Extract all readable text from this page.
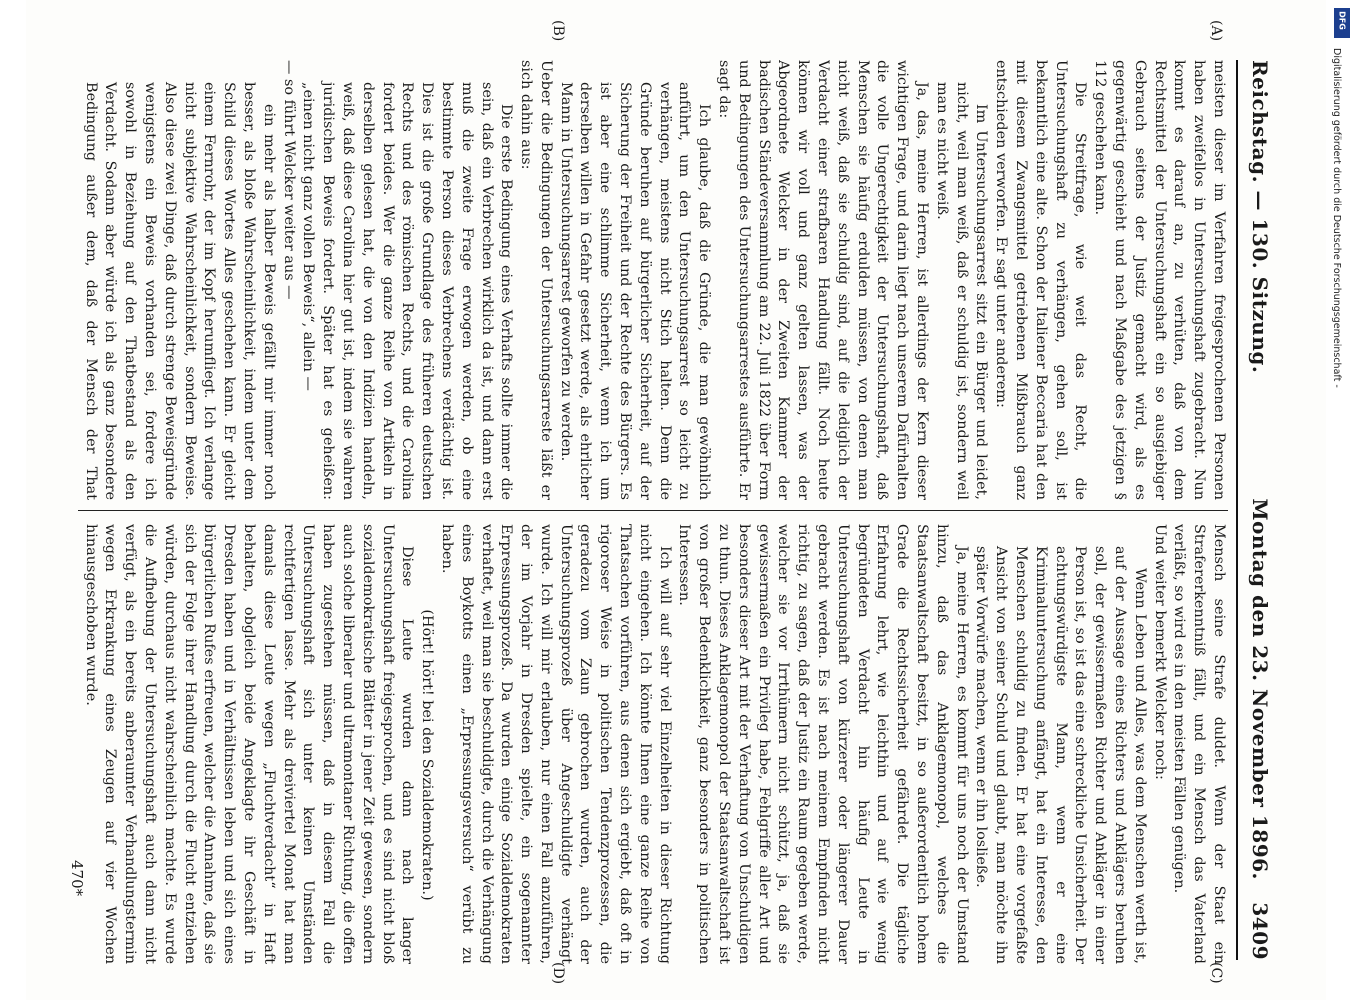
Reichstag. — 130. Sitzung.
Montag den 23. November 1896.
3409
(A)
(B)
(C)
(D)

meisten dieser im Verfahren freigesprochenen Personen haben zweifellos in Untersuchungshaft zugebracht. Nun kommt es darauf an, zu verhüten, daß von dem Rechtsmittel der Untersuchungshaft ein so ausgiebiger Gebrauch seitens der Justiz gemacht wird, als es gegenwärtig geschieht und nach Maßgabe des jetzigen § 112 geschehen kann.

Die Streitfrage, wie weit das Recht, die Untersuchungshaft zu verhängen, gehen soll, ist bekanntlich eine alte. Schon der Italiener Beccaria hat den mit diesem Zwangsmittel getriebenen Mißbrauch ganz entschieden verworfen. Er sagt unter anderem:

Im Untersuchungsarrest sitzt ein Bürger und leidet, nicht, weil man weiß, daß er schuldig ist, sondern weil man es nicht weiß.

Ja, das, meine Herren, ist allerdings der Kern dieser wichtigen Frage, und darin liegt nach unserem Dafürhalten die volle Ungerechtigkeit der Untersuchungshaft, daß Menschen sie häufig erdulden müssen, von denen man nicht weiß, daß sie schuldig sind, auf die lediglich der Verdacht einer strafbaren Handlung fällt. Noch heute können wir voll und ganz gelten lassen, was der Abgeordnete Welcker in der Zweiten Kammer der badischen Ständeversammlung am 22. Juli 1822 über Form und Bedingungen des Untersuchungsarrestes ausführte. Er sagt da:

Ich glaube, daß die Gründe, die man gewöhnlich anführt, um den Untersuchungsarrest so leicht zu verhängen, meistens nicht Stich halten. Denn die Gründe beruhen auf bürgerlicher Sicherheit, auf der Sicherung der Freiheit und der Rechte des Bürgers. Es ist aber eine schlimme Sicherheit, wenn ich um derselben willen in Gefahr gesetzt werde, als ehrlicher Mann in Untersuchungsarrest geworfen zu werden.

Ueber die Bedingungen der Untersuchungsarreste läßt er sich dahin aus:

Die erste Bedingung eines Verhafts sollte immer die sein, daß ein Verbrechen wirklich da ist, und dann erst muß die zweite Frage erwogen werden, ob eine bestimmte Person dieses Verbrechens verdächtig ist. Dies ist die große Grundlage des früheren deutschen Rechts und des römischen Rechts, und die Carolina fordert beides. Wer die ganze Reihe von Artikeln in derselben gelesen hat, die von den Indizien handeln, weiß, daß diese Carolina hier gut ist, indem sie wahren juridischen Beweis fordert. Später hat es geheißen: „einen nicht ganz vollen Beweis“, allein —

— so führt Welcker weiter aus —

ein mehr als halber Beweis gefällt mir immer noch besser, als bloße Wahrscheinlichkeit, indem unter dem Schild dieses Wortes Alles geschehen kann. Er gleicht einem Fernrohr, der im Kopf herumfliegt. Ich verlange nicht subjektive Wahrscheinlichkeit, sondern Beweise. Also diese zwei Dinge, daß durch strenge Beweisgründe wenigstens ein Beweis vorhanden sei, fordere ich sowohl in Beziehung auf den Thatbestand als den Verdacht. Sodann aber würde ich als ganz besondere Bedingung außer dem, daß der Mensch der That

Mensch seine Strafe duldet. Wenn der Staat ein Strafererkenntniß fällt, und ein Mensch das Vaterland verläßt, so wird es in den meisten Fällen genügen.

Und weiter bemerkt Welcker noch:

Wenn Leben und Alles, was dem Menschen werth ist, auf der Aussage eines Richters und Anklägers beruhen soll, der gewissermaßen Richter und Ankläger in einer Person ist, so ist das eine schreckliche Unsicherheit. Der achtungswürdigste Mann, wenn er eine Kriminaluntersuchung anfängt, hat ein Interesse, den Menschen schuldig zu finden. Er hat eine vorgefaßte Ansicht von seiner Schuld und glaubt, man möchte ihn später Vorwürfe machen, wenn er ihn losließe.

Ja, meine Herren, es kommt für uns noch der Umstand hinzu, daß das Anklagemonopol, welches die Staatsanwaltschaft besitzt, in so außerordentlich hohem Grade die Rechtssicherheit gefährdet. Die tägliche Erfahrung lehrt, wie leichthin und auf wie wenig begründeten Verdacht hin häufig Leute in Untersuchungshaft von kürzerer oder längerer Dauer gebracht werden. Es ist nach meinem Empfinden nicht richtig, zu sagen, daß der Justiz ein Raum gegeben werde, welcher sie vor Irrthümern nicht schützt, ja, daß sie gewissermaßen ein Privileg habe, Fehlgriffe aller Art und besonders dieser Art mit der Verhaftung von Unschuldigen zu thun. Dieses Anklagemonopol der Staatsanwaltschaft ist von großer Bedenklichkeit, ganz besonders in politischen Interessen.

Ich will auf sehr viel Einzelheiten in dieser Richtung nicht eingehen. Ich könnte Ihnen eine ganze Reihe von Thatsachen vorführen, aus denen sich ergiebt, daß oft in rigoroser Weise in politischen Tendenzprozessen, die geradezu vom Zaun gebrochen wurden, auch der Untersuchungsprozeß über Angeschuldigte verhängt wurde. Ich will mir erlauben, nur einen Fall anzuführen, der im Vorjahr in Dresden spielte, ein sogenannter Erpressungsprozeß. Da wurden einige Sozialdemokraten verhaftet, weil man sie beschuldigte, durch die Verhängung eines Boykotts einen „Erpressungsversuch“ verübt zu haben.

(Hört! hört! bei den Sozialdemokraten.)

Diese Leute wurden dann nach langer Untersuchungshaft freigesprochen, und es sind nicht bloß sozialdemokratische Blätter in jener Zeit gewesen, sondern auch solche liberaler und ultramontaner Richtung, die offen haben zugestehen müssen, daß in diesem Fall die Untersuchungshaft sich unter keinen Umständen rechtfertigen lasse. Mehr als dreiviertel Monat hat man damals diese Leute wegen „Fluchtverdacht“ in Haft behalten, obgleich beide Angeklagte ihr Geschäft in Dresden haben und in Verhältnissen leben und sich eines bürgerlichen Rufes erfreuen, welcher die Annahme, daß sie sich der Folge ihrer Handlung durch die Flucht entziehen würden, durchaus nicht wahrscheinlich machte. Es wurde die Aufhebung der Untersuchungshaft auch dann nicht verfügt, als ein bereits anberaumter Verhandlungstermin wegen Erkrankung eines Zeugen auf vier Wochen hinausgeschoben wurde.

470*
DFG
Digitalisierung gefördert durch die Deutsche Forschungsgemeinschaft -
